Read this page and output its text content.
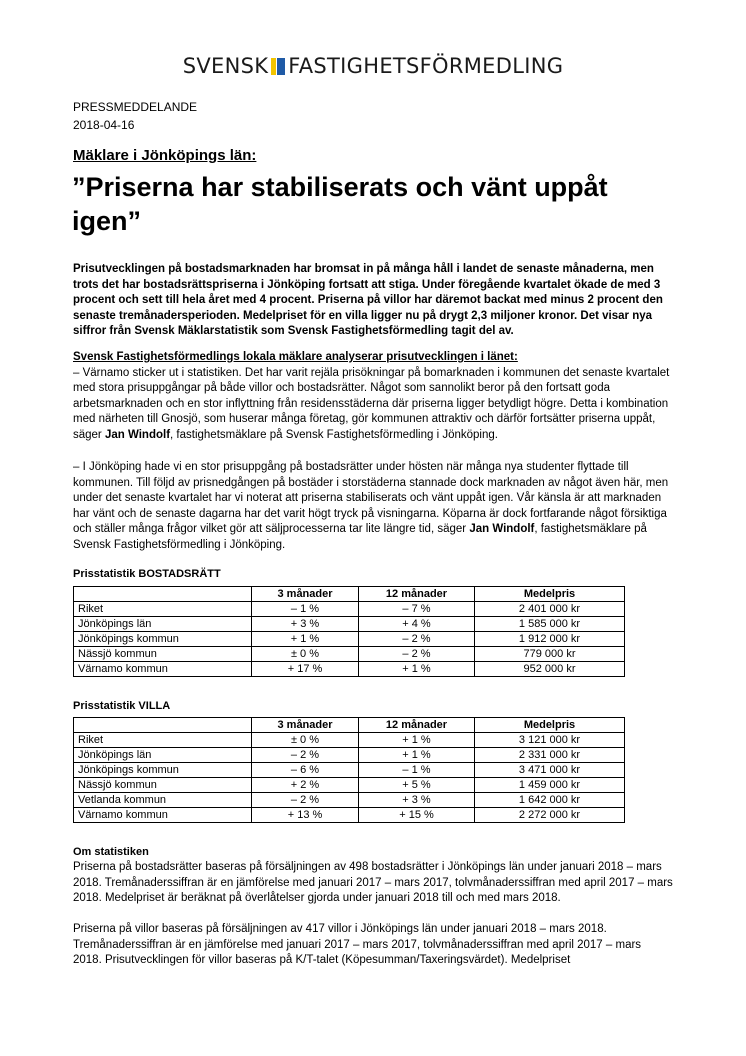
SVENSK FASTIGHETSFÖRMEDLING
PRESSMEDDELANDE
2018-04-16
Mäklare i Jönköpings län:
”Priserna har stabiliserats och vänt uppåt igen”
Prisutvecklingen på bostadsmarknaden har bromsat in på många håll i landet de senaste månaderna, men trots det har bostadsrättspriserna i Jönköping fortsatt att stiga. Under föregående kvartalet ökade de med 3 procent och sett till hela året med 4 procent. Priserna på villor har däremot backat med minus 2 procent den senaste tremånadersperioden. Medelpriset för en villa ligger nu på drygt 2,3 miljoner kronor. Det visar nya siffror från Svensk Mäklarstatistik som Svensk Fastighetsförmedling tagit del av.
Svensk Fastighetsförmedlings lokala mäklare analyserar prisutvecklingen i länet:
– Värnamo sticker ut i statistiken. Det har varit rejäla prisökningar på bomarknaden i kommunen det senaste kvartalet med stora prisuppgångar på både villor och bostadsrätter. Något som sannolikt beror på den fortsatt goda arbetsmarknaden och en stor inflyttning från residensstäderna där priserna ligger betydligt högre. Detta i kombination med närheten till Gnosjö, som huserar många företag, gör kommunen attraktiv och därför fortsätter priserna uppåt, säger Jan Windolf, fastighetsmäklare på Svensk Fastighetsförmedling i Jönköping.
– I Jönköping hade vi en stor prisuppgång på bostadsrätter under hösten när många nya studenter flyttade till kommunen. Till följd av prisnedgången på bostäder i storstäderna stannade dock marknaden av något även här, men under det senaste kvartalet har vi noterat att priserna stabiliserats och vänt uppåt igen. Vår känsla är att marknaden har vänt och de senaste dagarna har det varit högt tryck på visningarna. Köparna är dock fortfarande något försiktiga och ställer många frågor vilket gör att säljprocesserna tar lite längre tid, säger Jan Windolf, fastighetsmäklare på Svensk Fastighetsförmedling i Jönköping.
Prisstatistik BOSTADSRÄTT
	3 månader	12 månader	Medelpris
Riket	– 1 %	– 7 %	2 401 000 kr
Jönköpings län	+ 3 %	+ 4 %	1 585 000 kr
Jönköpings kommun	+ 1 %	– 2 %	1 912 000 kr
Nässjö kommun	± 0 %	– 2 %	779 000 kr
Värnamo kommun	+ 17 %	+ 1 %	952 000 kr
Prisstatistik VILLA
	3 månader	12 månader	Medelpris
Riket	± 0 %	+ 1 %	3 121 000 kr
Jönköpings län	– 2 %	+ 1 %	2 331 000 kr
Jönköpings kommun	– 6 %	– 1 %	3 471 000 kr
Nässjö kommun	+ 2 %	+ 5 %	1 459 000 kr
Vetlanda kommun	– 2 %	+ 3 %	1 642 000 kr
Värnamo kommun	+ 13 %	+ 15 %	2 272 000 kr
Om statistiken
Priserna på bostadsrätter baseras på försäljningen av 498 bostadsrätter i Jönköpings län under januari 2018 – mars 2018. Tremånaderssiffran är en jämförelse med januari 2017 – mars 2017, tolvmånaderssiffran med april 2017 – mars 2018. Medelpriset är beräknat på överlåtelser gjorda under januari 2018 till och med mars 2018.
Priserna på villor baseras på försäljningen av 417 villor i Jönköpings län under januari 2018 – mars 2018. Tremånaderssiffran är en jämförelse med januari 2017 – mars 2017, tolvmånaderssiffran med april 2017 – mars 2018. Prisutvecklingen för villor baseras på K/T-talet (Köpesumman/Taxeringsvärdet). Medelpriset
